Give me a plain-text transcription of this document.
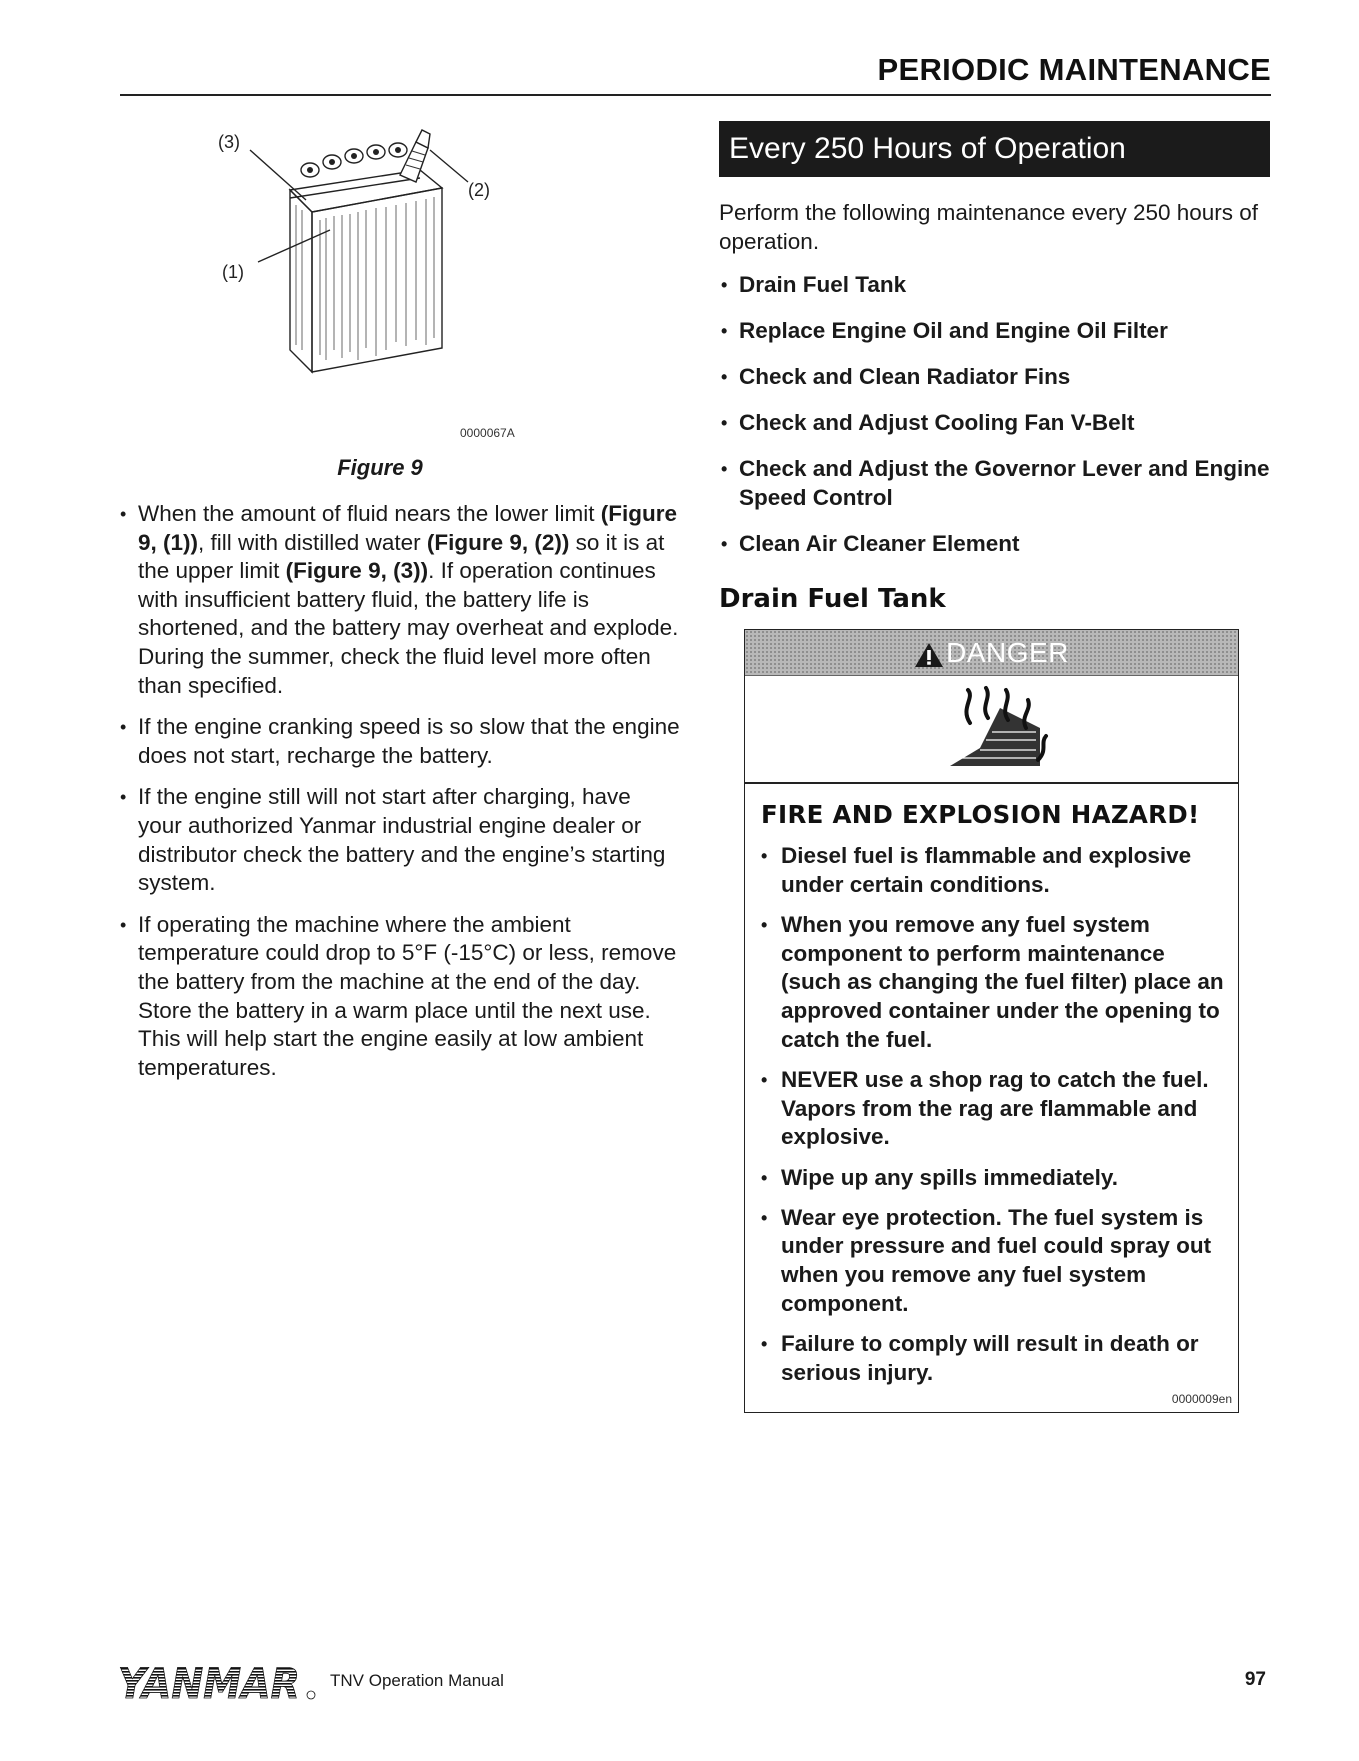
PERIODIC MAINTENANCE
(3)
(2)
(1)
0000067A
Figure 9
• When the amount of fluid nears the lower limit (Figure 9, (1)), fill with distilled water (Figure 9, (2)) so it is at the upper limit (Figure 9, (3)). If operation continues with insufficient battery fluid, the battery life is shortened, and the battery may overheat and explode. During the summer, check the fluid level more often than specified.
• If the engine cranking speed is so slow that the engine does not start, recharge the battery.
• If the engine still will not start after charging, have your authorized Yanmar industrial engine dealer or distributor check the battery and the engine’s starting system.
• If operating the machine where the ambient temperature could drop to 5°F (-15°C) or less, remove the battery from the machine at the end of the day. Store the battery in a warm place until the next use. This will help start the engine easily at low ambient temperatures.
Every 250 Hours of Operation
Perform the following maintenance every 250 hours of operation.
• Drain Fuel Tank
• Replace Engine Oil and Engine Oil Filter
• Check and Clean Radiator Fins
• Check and Adjust Cooling Fan V-Belt
• Check and Adjust the Governor Lever and Engine Speed Control
• Clean Air Cleaner Element
Drain Fuel Tank
DANGER
FIRE AND EXPLOSION HAZARD!
• Diesel fuel is flammable and explosive under certain conditions.
• When you remove any fuel system component to perform maintenance (such as changing the fuel filter) place an approved container under the opening to catch the fuel.
• NEVER use a shop rag to catch the fuel. Vapors from the rag are flammable and explosive.
• Wipe up any spills immediately.
• Wear eye protection. The fuel system is under pressure and fuel could spray out when you remove any fuel system component.
• Failure to comply will result in death or serious injury.
0000009en
YANMAR TNV Operation Manual	97
